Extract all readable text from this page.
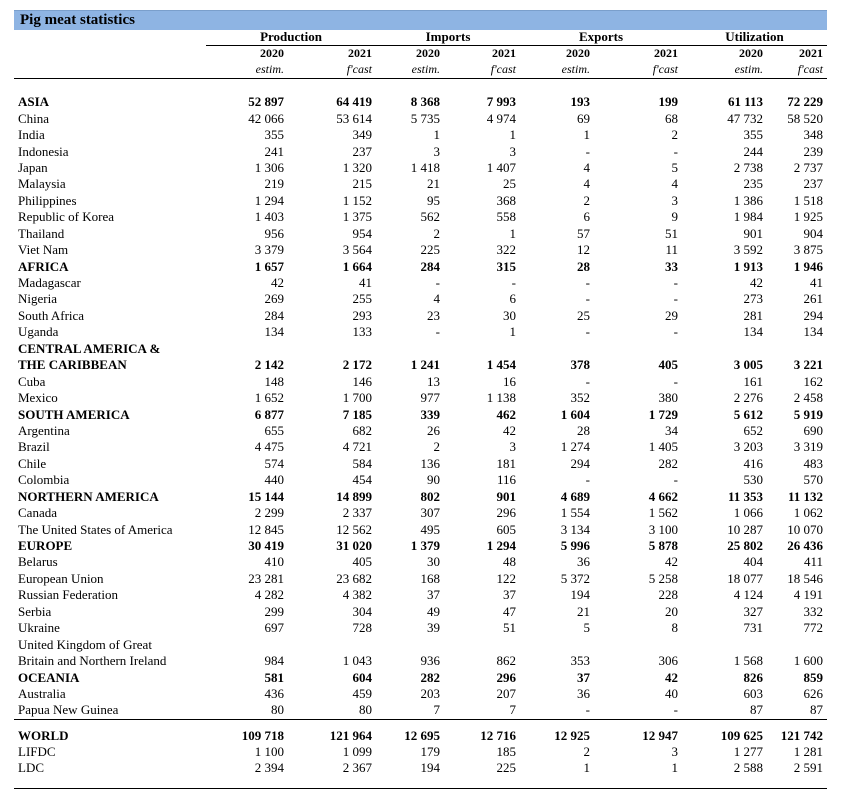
Pig meat statistics
	Production		Imports		Exports		Utilization	
	2020	2021	2020	2021	2020	2021	2020	2021
	estim.	f'cast	estim.	f'cast	estim.	f'cast	estim.	f'cast

ASIA	52 897	64 419	8 368	7 993	193	199	61 113	72 229
China	42 066	53 614	5 735	4 974	69	68	47 732	58 520
India	355	349	1	1	1	2	355	348
Indonesia	241	237	3	3	-	-	244	239
Japan	1 306	1 320	1 418	1 407	4	5	2 738	2 737
Malaysia	219	215	21	25	4	4	235	237
Philippines	1 294	1 152	95	368	2	3	1 386	1 518
Republic of Korea	1 403	1 375	562	558	6	9	1 984	1 925
Thailand	956	954	2	1	57	51	901	904
Viet Nam	3 379	3 564	225	322	12	11	3 592	3 875
AFRICA	1 657	1 664	284	315	28	33	1 913	1 946
Madagascar	42	41	-	-	-	-	42	41
Nigeria	269	255	4	6	-	-	273	261
South Africa	284	293	23	30	25	29	281	294
Uganda	134	133	-	1	-	-	134	134
CENTRAL AMERICA &								
THE CARIBBEAN	2 142	2 172	1 241	1 454	378	405	3 005	3 221
Cuba	148	146	13	16	-	-	161	162
Mexico	1 652	1 700	977	1 138	352	380	2 276	2 458
SOUTH AMERICA	6 877	7 185	339	462	1 604	1 729	5 612	5 919
Argentina	655	682	26	42	28	34	652	690
Brazil	4 475	4 721	2	3	1 274	1 405	3 203	3 319
Chile	574	584	136	181	294	282	416	483
Colombia	440	454	90	116	-	-	530	570
NORTHERN AMERICA	15 144	14 899	802	901	4 689	4 662	11 353	11 132
Canada	2 299	2 337	307	296	1 554	1 562	1 066	1 062
The United States of America	12 845	12 562	495	605	3 134	3 100	10 287	10 070
EUROPE	30 419	31 020	1 379	1 294	5 996	5 878	25 802	26 436
Belarus	410	405	30	48	36	42	404	411
European Union	23 281	23 682	168	122	5 372	5 258	18 077	18 546
Russian Federation	4 282	4 382	37	37	194	228	4 124	4 191
Serbia	299	304	49	47	21	20	327	332
Ukraine	697	728	39	51	5	8	731	772
United Kingdom of Great								
Britain and Northern Ireland	984	1 043	936	862	353	306	1 568	1 600
OCEANIA	581	604	282	296	37	42	826	859
Australia	436	459	203	207	36	40	603	626
Papua New Guinea	80	80	7	7	-	-	87	87
WORLD	109 718	121 964	12 695	12 716	12 925	12 947	109 625	121 742
LIFDC	1 100	1 099	179	185	2	3	1 277	1 281
LDC	2 394	2 367	194	225	1	1	2 588	2 591
